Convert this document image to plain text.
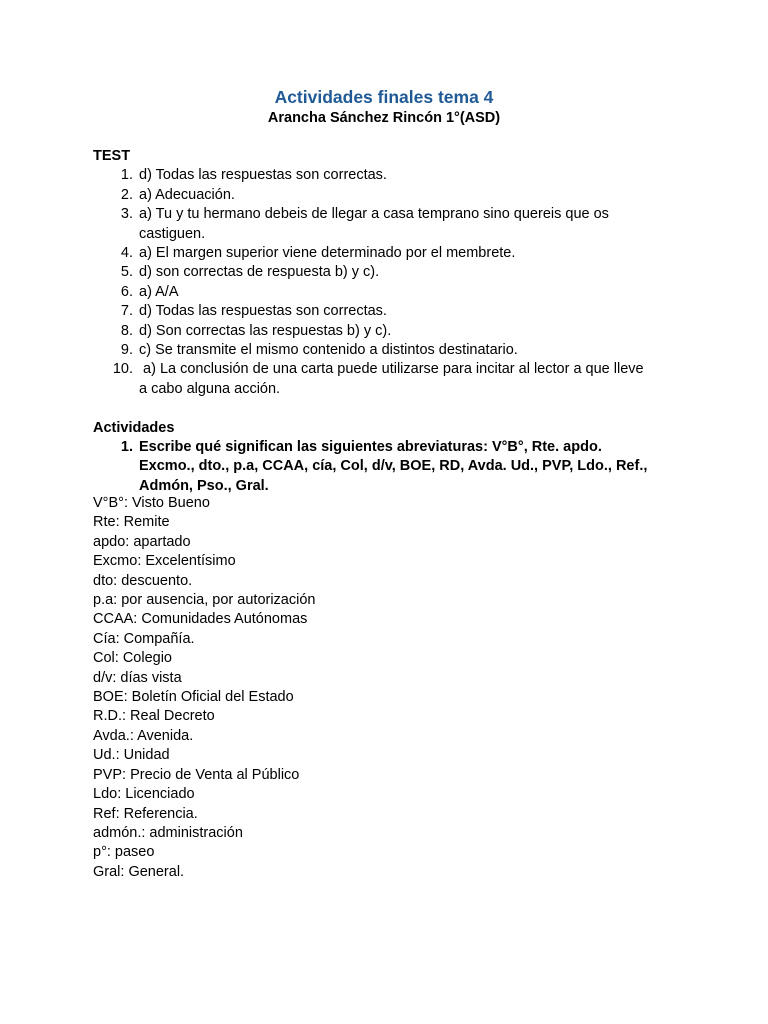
Actividades finales tema 4
Arancha Sánchez Rincón 1°(ASD)
TEST
1. d) Todas las respuestas son correctas.
2. a) Adecuación.
3. a) Tu y tu hermano debeis de llegar a casa temprano sino quereis que os castiguen.
4. a) El margen superior viene determinado por el membrete.
5. d) son correctas de respuesta b) y c).
6. a) A/A
7. d) Todas las respuestas son correctas.
8. d) Son correctas las respuestas b) y c).
9. c) Se transmite el mismo contenido a distintos destinatario.
10. a) La conclusión de una carta puede utilizarse para incitar al lector a que lleve a cabo alguna acción.
Actividades
1. Escribe qué significan las siguientes abreviaturas: V°B°, Rte. apdo. Excmo., dto., p.a, CCAA, cía, Col, d/v, BOE, RD, Avda. Ud., PVP, Ldo., Ref., Admón, Pso., Gral.
V°B°: Visto Bueno
Rte: Remite
apdo: apartado
Excmo: Excelentísimo
dto: descuento.
p.a: por ausencia, por autorización
CCAA: Comunidades Autónomas
Cía: Compañía.
Col: Colegio
d/v: días vista
BOE: Boletín Oficial del Estado
R.D.: Real Decreto
Avda.: Avenida.
Ud.: Unidad
PVP: Precio de Venta al Público
Ldo: Licenciado
Ref: Referencia.
admón.: administración
p°: paseo
Gral: General.
